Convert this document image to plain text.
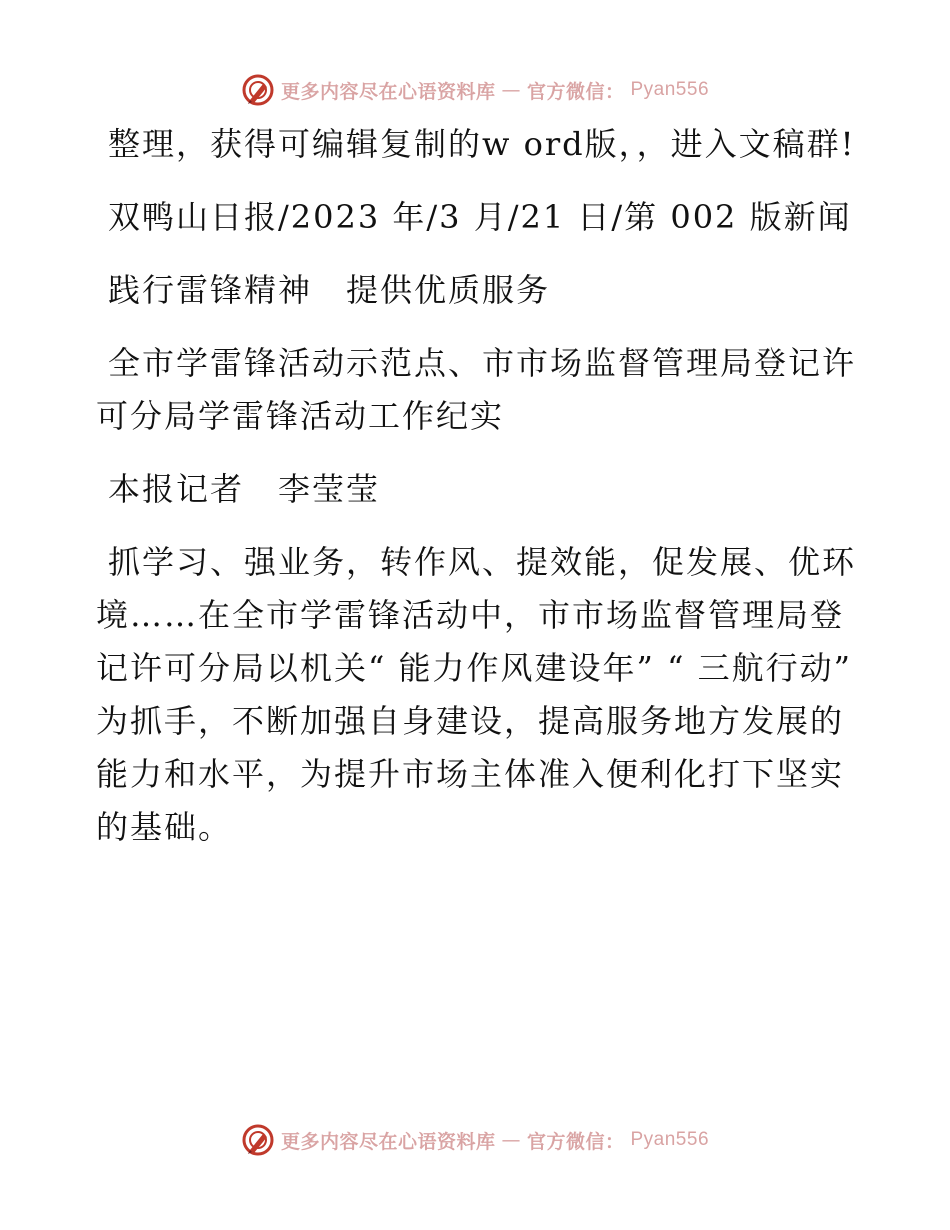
更多内容尽在心语资料库 — 官方微信： Pyan556

整理，获得可编辑复制的w ord版，，进入文稿群!

双鸭山日报/2023 年/3 月/21 日/第 002 版新闻

践行雷锋精神　提供优质服务

全市学雷锋活动示范点、市市场监督管理局登记许可分局学雷锋活动工作纪实

本报记者　李莹莹

抓学习、强业务，转作风、提效能，促发展、优环境……在全市学雷锋活动中，市市场监督管理局登记许可分局以机关“ 能力作风建设年” “ 三航行动” 为抓手，不断加强自身建设，提高服务地方发展的能力和水平，为提升市场主体准入便利化打下坚实的基础。

更多内容尽在心语资料库 — 官方微信： Pyan556
